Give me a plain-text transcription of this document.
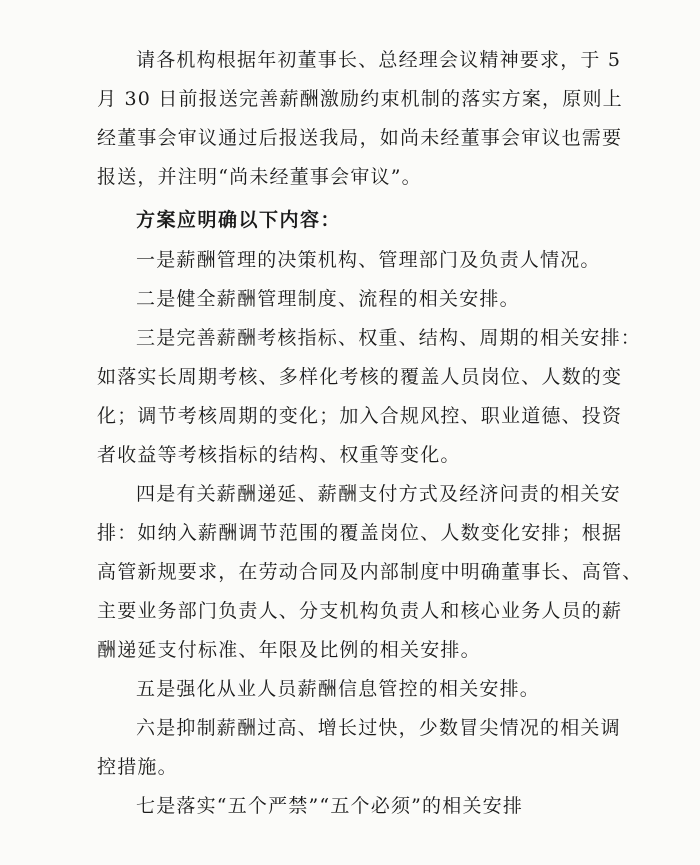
请各机构根据年初董事长、总经理会议精神要求，于 5
月 30 日前报送完善薪酬激励约束机制的落实方案，原则上
经董事会审议通过后报送我局，如尚未经董事会审议也需要
报送，并注明“尚未经董事会审议”。
方案应明确以下内容：
一是薪酬管理的决策机构、管理部门及负责人情况。
二是健全薪酬管理制度、流程的相关安排。
三是完善薪酬考核指标、权重、结构、周期的相关安排：
如落实长周期考核、多样化考核的覆盖人员岗位、人数的变
化；调节考核周期的变化；加入合规风控、职业道德、投资
者收益等考核指标的结构、权重等变化。
四是有关薪酬递延、薪酬支付方式及经济问责的相关安
排：如纳入薪酬调节范围的覆盖岗位、人数变化安排；根据
高管新规要求，在劳动合同及内部制度中明确董事长、高管、
主要业务部门负责人、分支机构负责人和核心业务人员的薪
酬递延支付标准、年限及比例的相关安排。
五是强化从业人员薪酬信息管控的相关安排。
六是抑制薪酬过高、增长过快，少数冒尖情况的相关调
控措施。
七是落实“五个严禁”“五个必须”的相关安排
